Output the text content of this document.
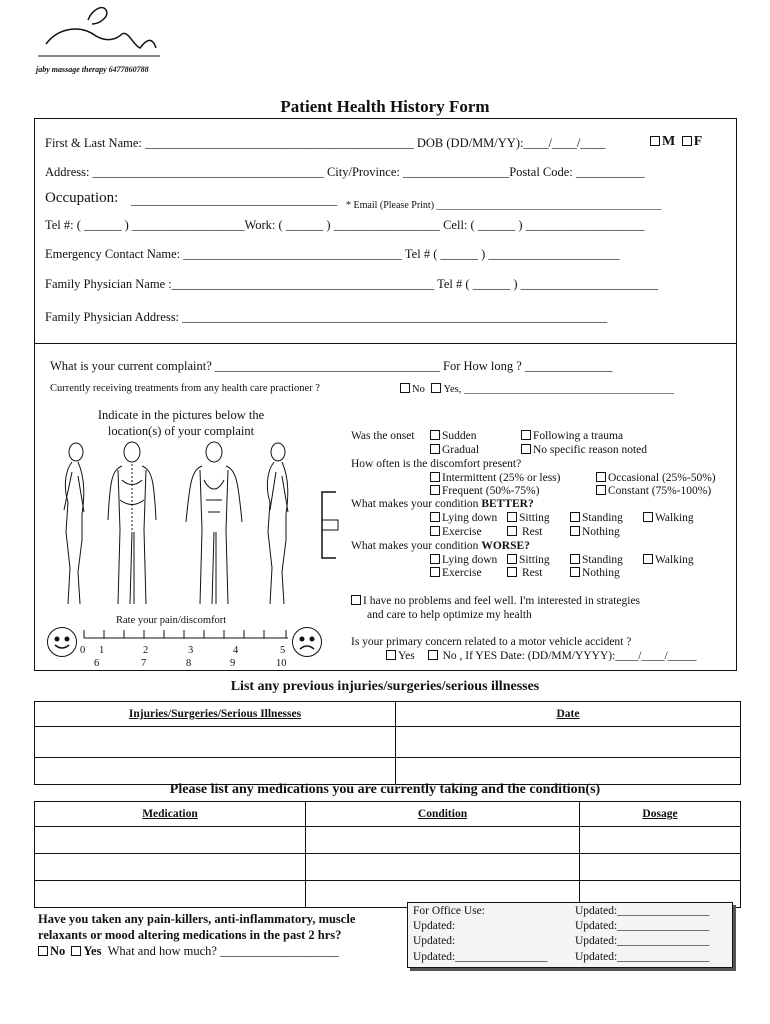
jaby massage therapy 6477860788
Patient Health History Form
First & Last Name: ___________________________________________ DOB (DD/MM/YY):____/____/____	M F
Address: _____________________________________ City/Province: _________________Postal Code: ___________
Occupation: _________________________________ * Email (Please Print) _____________________________________________
Tel #: ( ______ ) __________________Work: ( ______ ) _________________ Cell: ( ______ ) ___________________
Emergency Contact Name: ___________________________________ Tel # ( ______ ) _____________________
Family Physician Name :__________________________________________ Tel # ( ______ ) ______________________
Family Physician Address: ____________________________________________________________________
What is your current complaint? ____________________________________ For How long ? ______________
Currently receiving treatments from any health care practioner ?	No Yes, ________________________________________
Indicate in the pictures below the location(s) of your complaint
Rate your pain/discomfort
0 1	2	3	4	5
6	7	8	9	10
Was the onset	Sudden	Following a trauma
Gradual	No specific reason noted
How often is the discomfort present?
Intermittent (25% or less)	Occasional (25%-50%)
Frequent (50%-75%)	Constant (75%-100%)
What makes your condition BETTER?
Lying down	Sitting	Standing	Walking
Exercise	Rest	Nothing
What makes your condition WORSE?
Lying down	Sitting	Standing	Walking
Exercise	Rest	Nothing
I have no problems and feel well. I'm interested in strategies
and care to help optimize my health
Is your primary concern related to a motor vehicle accident ?
Yes No , If YES Date: (DD/MM/YYYY):____/____/_____
List any previous injuries/surgeries/serious illnesses
Injuries/Surgeries/Serious Illnesses	Date

Please list any medications you are currently taking and the condition(s)
Medication	Condition	Dosage

Have you taken any pain-killers, anti-inflammatory, muscle
relaxants or mood altering medications in the past 2 hrs?
No Yes What and how much? ___________________
For Office Use:	Updated:________________
Updated:	Updated:________________
Updated:	Updated:________________
Updated:________________ Updated:________________
